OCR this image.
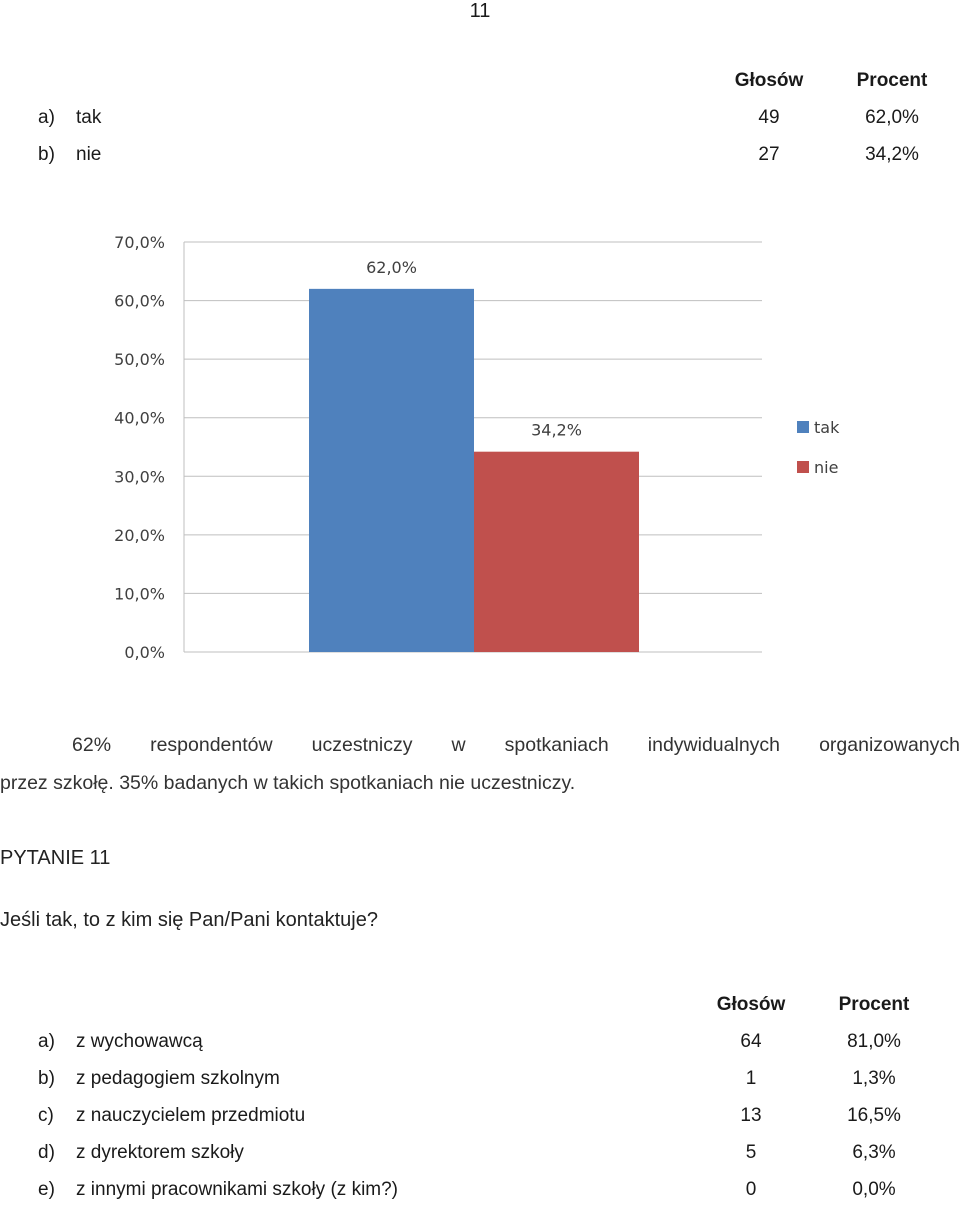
11
		Głosów	Procent
a)	tak	49	62,0%
b)	nie	27	34,2%
0,0%
10,0%
20,0%
30,0%
40,0%
50,0%
60,0%
70,0%
62,0%
34,2%	tak
nie
62% respondentów uczestniczy w spotkaniach indywidualnych organizowanych
przez szkołę. 35% badanych w takich spotkaniach nie uczestniczy.
PYTANIE 11
Jeśli tak, to z kim się Pan/Pani kontaktuje?
		Głosów	Procent
a)	z wychowawcą	64	81,0%
b)	z pedagogiem szkolnym	1	1,3%
c)	z nauczycielem przedmiotu	13	16,5%
d)	z dyrektorem szkoły	5	6,3%
e)	z innymi pracownikami szkoły (z kim?)	0	0,0%
